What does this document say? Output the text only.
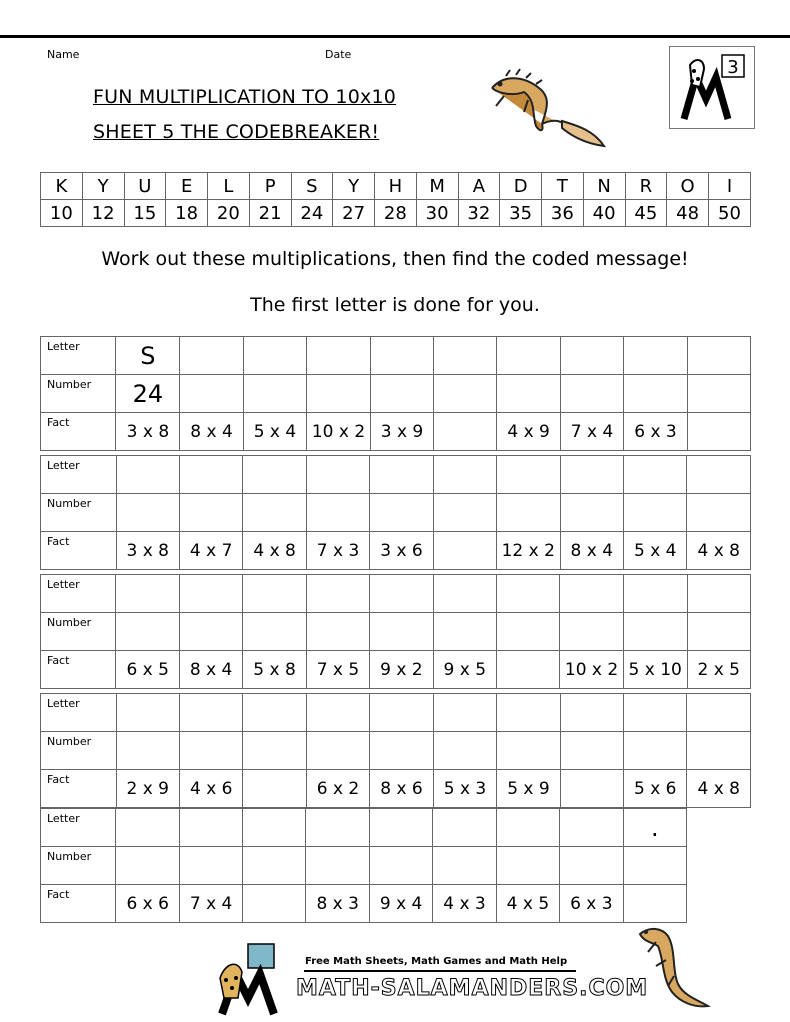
Name	Date
FUN MULTIPLICATION TO 10x10
SHEET 5 THE CODEBREAKER!
3
K	Y	U	E	L	P	S	Y	H	M	A	D	T	N	R	O	I
10	12	15	18	20	21	24	27	28	30	32	35	36	40	45	48	50
Work out these multiplications, then find the coded message!
The first letter is done for you.
Letter	S									
Number	24									
Fact	3 x 8	8 x 4	5 x 4	10 x 2	3 x 9		4 x 9	7 x 4	6 x 3	
Letter										
Number										
Fact	3 x 8	4 x 7	4 x 8	7 x 3	3 x 6		12 x 2	8 x 4	5 x 4	4 x 8
Letter										
Number										
Fact	6 x 5	8 x 4	5 x 8	7 x 5	9 x 2	9 x 5		10 x 2	5 x 10	2 x 5
Letter										
Number										
Fact	2 x 9	4 x 6		6 x 2	8 x 6	5 x 3	5 x 9		5 x 6	4 x 8
Letter									.
Number									
Fact	6 x 6	7 x 4		8 x 3	9 x 4	4 x 3	4 x 5	6 x 3	
Free Math Sheets, Math Games and Math Help
MATH-SALAMANDERS.COM
